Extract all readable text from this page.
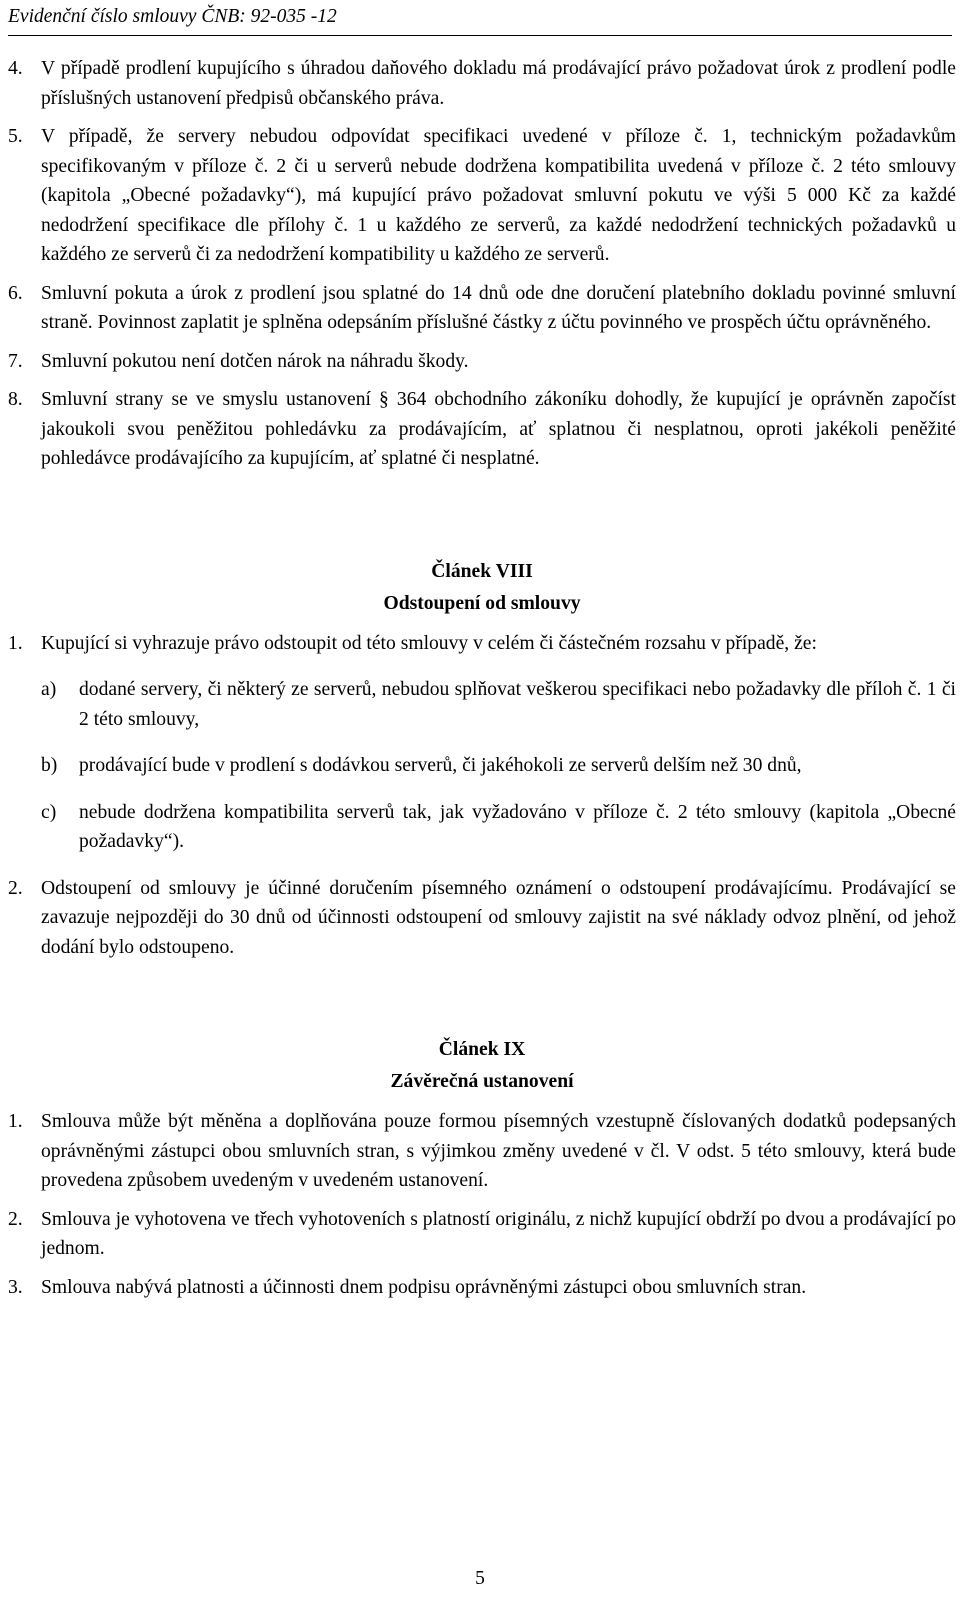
Evidenční číslo smlouvy ČNB: 92-035 -12
4. V případě prodlení kupujícího s úhradou daňového dokladu má prodávající právo požadovat úrok z prodlení podle příslušných ustanovení předpisů občanského práva.
5. V případě, že servery nebudou odpovídat specifikaci uvedené v příloze č. 1, technickým požadavkům specifikovaným v příloze č. 2 či u serverů nebude dodržena kompatibilita uvedená v příloze č. 2 této smlouvy (kapitola „Obecné požadavky“), má kupující právo požadovat smluvní pokutu ve výši 5 000 Kč za každé nedodržení specifikace dle přílohy č. 1 u každého ze serverů, za každé nedodržení technických požadavků u každého ze serverů či za nedodržení kompatibility u každého ze serverů.
6. Smluvní pokuta a úrok z prodlení jsou splatné do 14 dnů ode dne doručení platebního dokladu povinné smluvní straně. Povinnost zaplatit je splněna odepsáním příslušné částky z účtu povinného ve prospěch účtu oprávněného.
7. Smluvní pokutou není dotčen nárok na náhradu škody.
8. Smluvní strany se ve smyslu ustanovení § 364 obchodního zákoníku dohodly, že kupující je oprávněn započíst jakoukoli svou peněžitou pohledávku za prodávajícím, ať splatnou či nesplatnou, oproti jakékoli peněžité pohledávce prodávajícího za kupujícím, ať splatné či nesplatné.
Článek VIII
Odstoupení od smlouvy
1. Kupující si vyhrazuje právo odstoupit od této smlouvy v celém či částečném rozsahu v případě, že:
a) dodané servery, či některý ze serverů, nebudou splňovat veškerou specifikaci nebo požadavky dle příloh č. 1 či 2 této smlouvy,
b) prodávající bude v prodlení s dodávkou serverů, či jakéhokoli ze serverů delším než 30 dnů,
c) nebude dodržena kompatibilita serverů tak, jak vyžadováno v příloze č. 2 této smlouvy (kapitola „Obecné požadavky“).
2. Odstoupení od smlouvy je účinné doručením písemného oznámení o odstoupení prodávajícímu. Prodávající se zavazuje nejpozději do 30 dnů od účinnosti odstoupení od smlouvy zajistit na své náklady odvoz plnění, od jehož dodání bylo odstoupeno.
Článek IX
Závěrečná ustanovení
1. Smlouva může být měněna a doplňována pouze formou písemných vzestupně číslovaných dodatků podepsaných oprávněnými zástupci obou smluvních stran, s výjimkou změny uvedené v čl. V odst. 5 této smlouvy, která bude provedena způsobem uvedeným v uvedeném ustanovení.
2. Smlouva je vyhotovena ve třech vyhotoveních s platností originálu, z nichž kupující obdrží po dvou a prodávající po jednom.
3. Smlouva nabývá platnosti a účinnosti dnem podpisu oprávněnými zástupci obou smluvních stran.
5
